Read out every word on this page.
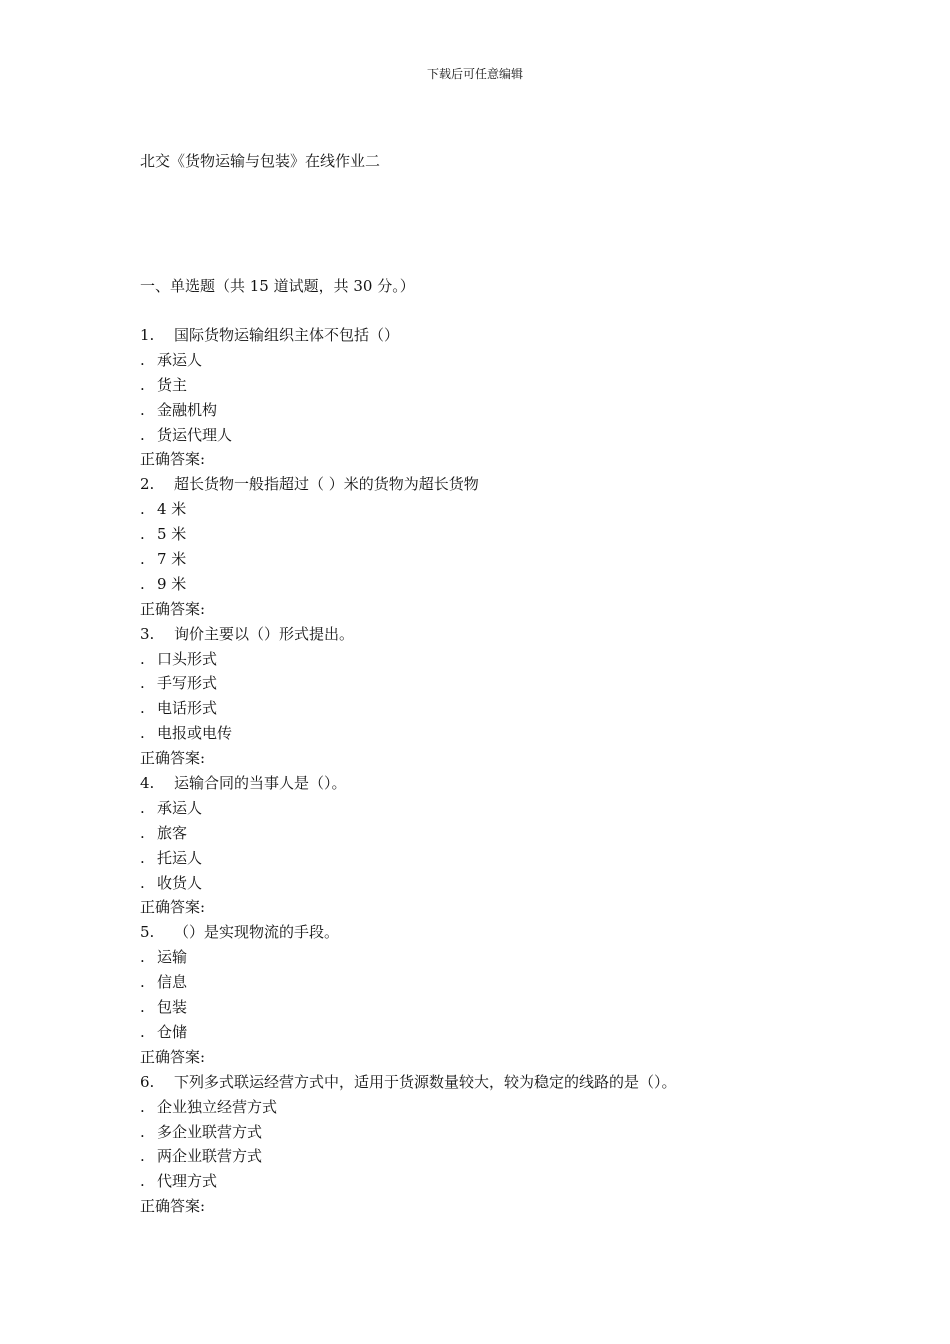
下载后可任意编辑
北交《货物运输与包装》在线作业二
一、单选题（共 15 道试题，共 30 分。）
1. 国际货物运输组织主体不包括（）
. 承运人
. 货主
. 金融机构
. 货运代理人
正确答案:
2. 超长货物一般指超过（ ）米的货物为超长货物
. 4 米
. 5 米
. 7 米
. 9 米
正确答案:
3. 询价主要以（）形式提出。
. 口头形式
. 手写形式
. 电话形式
. 电报或电传
正确答案:
4. 运输合同的当事人是（）。
. 承运人
. 旅客
. 托运人
. 收货人
正确答案:
5. （）是实现物流的手段。
. 运输
. 信息
. 包装
. 仓储
正确答案:
6. 下列多式联运经营方式中，适用于货源数量较大，较为稳定的线路的是（）。
. 企业独立经营方式
. 多企业联营方式
. 两企业联营方式
. 代理方式
正确答案:
